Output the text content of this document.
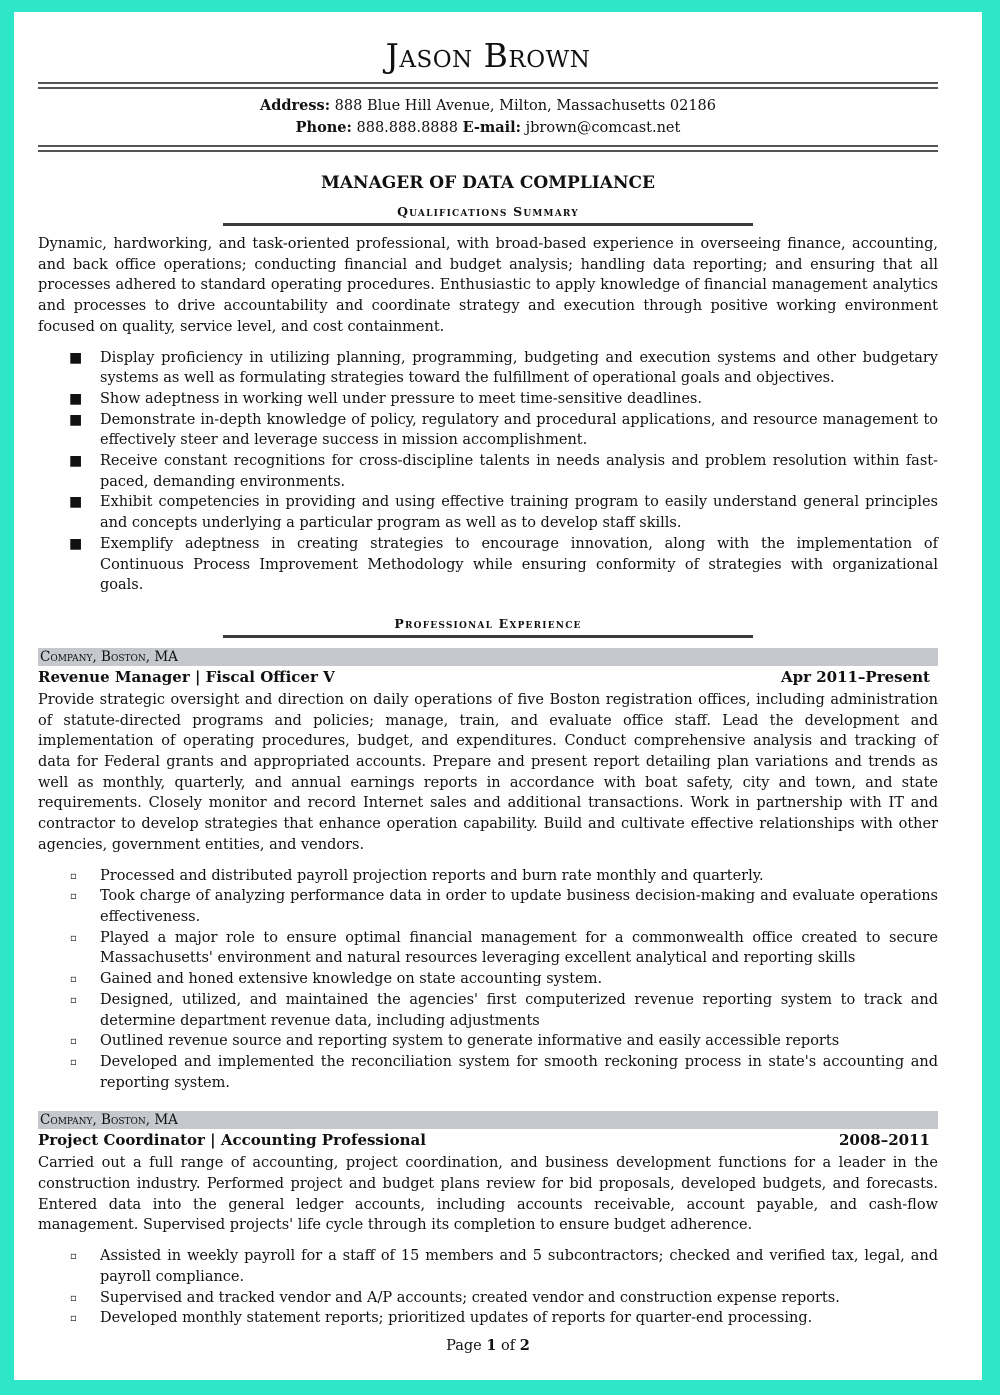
Jason Brown
Address: 888 Blue Hill Avenue, Milton, Massachusetts 02186
Phone: 888.888.8888 E-mail: jbrown@comcast.net
MANAGER OF DATA COMPLIANCE
Qualifications Summary

Dynamic, hardworking, and task-oriented professional, with broad-based experience in overseeing finance, accounting, and back office operations; conducting financial and budget analysis; handling data reporting; and ensuring that all processes adhered to standard operating procedures. Enthusiastic to apply knowledge of financial management analytics and processes to drive accountability and coordinate strategy and execution through positive working environment focused on quality, service level, and cost containment.

■ Display proficiency in utilizing planning, programming, budgeting and execution systems and other budgetary systems as well as formulating strategies toward the fulfillment of operational goals and objectives.
■ Show adeptness in working well under pressure to meet time-sensitive deadlines.
■ Demonstrate in-depth knowledge of policy, regulatory and procedural applications, and resource management to effectively steer and leverage success in mission accomplishment.
■ Receive constant recognitions for cross-discipline talents in needs analysis and problem resolution within fast-paced, demanding environments.
■ Exhibit competencies in providing and using effective training program to easily understand general principles and concepts underlying a particular program as well as to develop staff skills.
■ Exemplify adeptness in creating strategies to encourage innovation, along with the implementation of Continuous Process Improvement Methodology while ensuring conformity of strategies with organizational goals.
Professional Experience
Company, Boston, MA
Revenue Manager | Fiscal Officer V	Apr 2011–Present

Provide strategic oversight and direction on daily operations of five Boston registration offices, including administration of statute-directed programs and policies; manage, train, and evaluate office staff. Lead the development and implementation of operating procedures, budget, and expenditures. Conduct comprehensive analysis and tracking of data for Federal grants and appropriated accounts. Prepare and present report detailing plan variations and trends as well as monthly, quarterly, and annual earnings reports in accordance with boat safety, city and town, and state requirements. Closely monitor and record Internet sales and additional transactions. Work in partnership with IT and contractor to develop strategies that enhance operation capability. Build and cultivate effective relationships with other agencies, government entities, and vendors.

▫ Processed and distributed payroll projection reports and burn rate monthly and quarterly.
▫ Took charge of analyzing performance data in order to update business decision-making and evaluate operations effectiveness.
▫ Played a major role to ensure optimal financial management for a commonwealth office created to secure Massachusetts' environment and natural resources leveraging excellent analytical and reporting skills
▫ Gained and honed extensive knowledge on state accounting system.
▫ Designed, utilized, and maintained the agencies' first computerized revenue reporting system to track and determine department revenue data, including adjustments
▫ Outlined revenue source and reporting system to generate informative and easily accessible reports
▫ Developed and implemented the reconciliation system for smooth reckoning process in state's accounting and reporting system.
Company, Boston, MA
Project Coordinator | Accounting Professional	2008–2011

Carried out a full range of accounting, project coordination, and business development functions for a leader in the construction industry. Performed project and budget plans review for bid proposals, developed budgets, and forecasts. Entered data into the general ledger accounts, including accounts receivable, account payable, and cash-flow management. Supervised projects' life cycle through its completion to ensure budget adherence.

▫ Assisted in weekly payroll for a staff of 15 members and 5 subcontractors; checked and verified tax, legal, and payroll compliance.
▫ Supervised and tracked vendor and A/P accounts; created vendor and construction expense reports.
▫ Developed monthly statement reports; prioritized updates of reports for quarter-end processing.
Page 1 of 2
